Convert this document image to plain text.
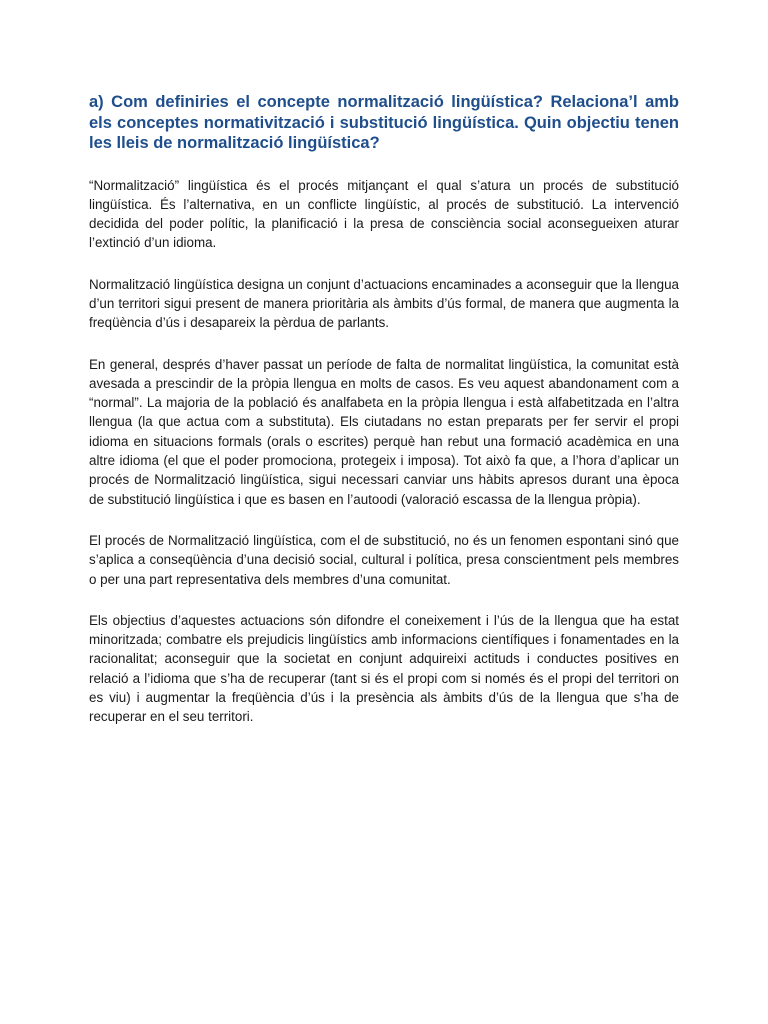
a) Com definiries el concepte normalització lingüística? Relaciona’l amb els conceptes normativització i substitució lingüística. Quin objectiu tenen les lleis de normalització lingüística?

“Normalització” lingüística és el procés mitjançant el qual s’atura un procés de substitució lingüística. És l’alternativa, en un conflicte lingüístic, al procés de substitució. La intervenció decidida del poder polític, la planificació i la presa de consciència social aconsegueixen aturar l’extinció d’un idioma.

Normalització lingüística designa un conjunt d’actuacions encaminades a aconseguir que la llengua d’un territori sigui present de manera prioritària als àmbits d’ús formal, de manera que augmenta la freqüència d’ús i desapareix la pèrdua de parlants.

En general, després d’haver passat un període de falta de normalitat lingüística, la comunitat està avesada a prescindir de la pròpia llengua en molts de casos. Es veu aquest abandonament com a “normal”. La majoria de la població és analfabeta en la pròpia llengua i està alfabetitzada en l’altra llengua (la que actua com a substituta). Els ciutadans no estan preparats per fer servir el propi idioma en situacions formals (orals o escrites) perquè han rebut una formació acadèmica en una altre idioma (el que el poder promociona, protegeix i imposa). Tot això fa que, a l’hora d’aplicar un procés de Normalització lingüística, sigui necessari canviar uns hàbits apresos durant una època de substitució lingüística i que es basen en l’autoodi (valoració escassa de la llengua pròpia).

El procés de Normalització lingüística, com el de substitució, no és un fenomen espontani sinó que s’aplica a conseqüència d’una decisió social, cultural i política, presa conscientment pels membres o per una part representativa dels membres d’una comunitat.

Els objectius d’aquestes actuacions són difondre el coneixement i l’ús de la llengua que ha estat minoritzada; combatre els prejudicis lingüístics amb informacions científiques i fonamentades en la racionalitat; aconseguir que la societat en conjunt adquireixi actituds i conductes positives en relació a l’idioma que s’ha de recuperar (tant si és el propi com si només és el propi del territori on es viu) i augmentar la freqüència d’ús i la presència als àmbits d’ús de la llengua que s’ha de recuperar en el seu territori.
